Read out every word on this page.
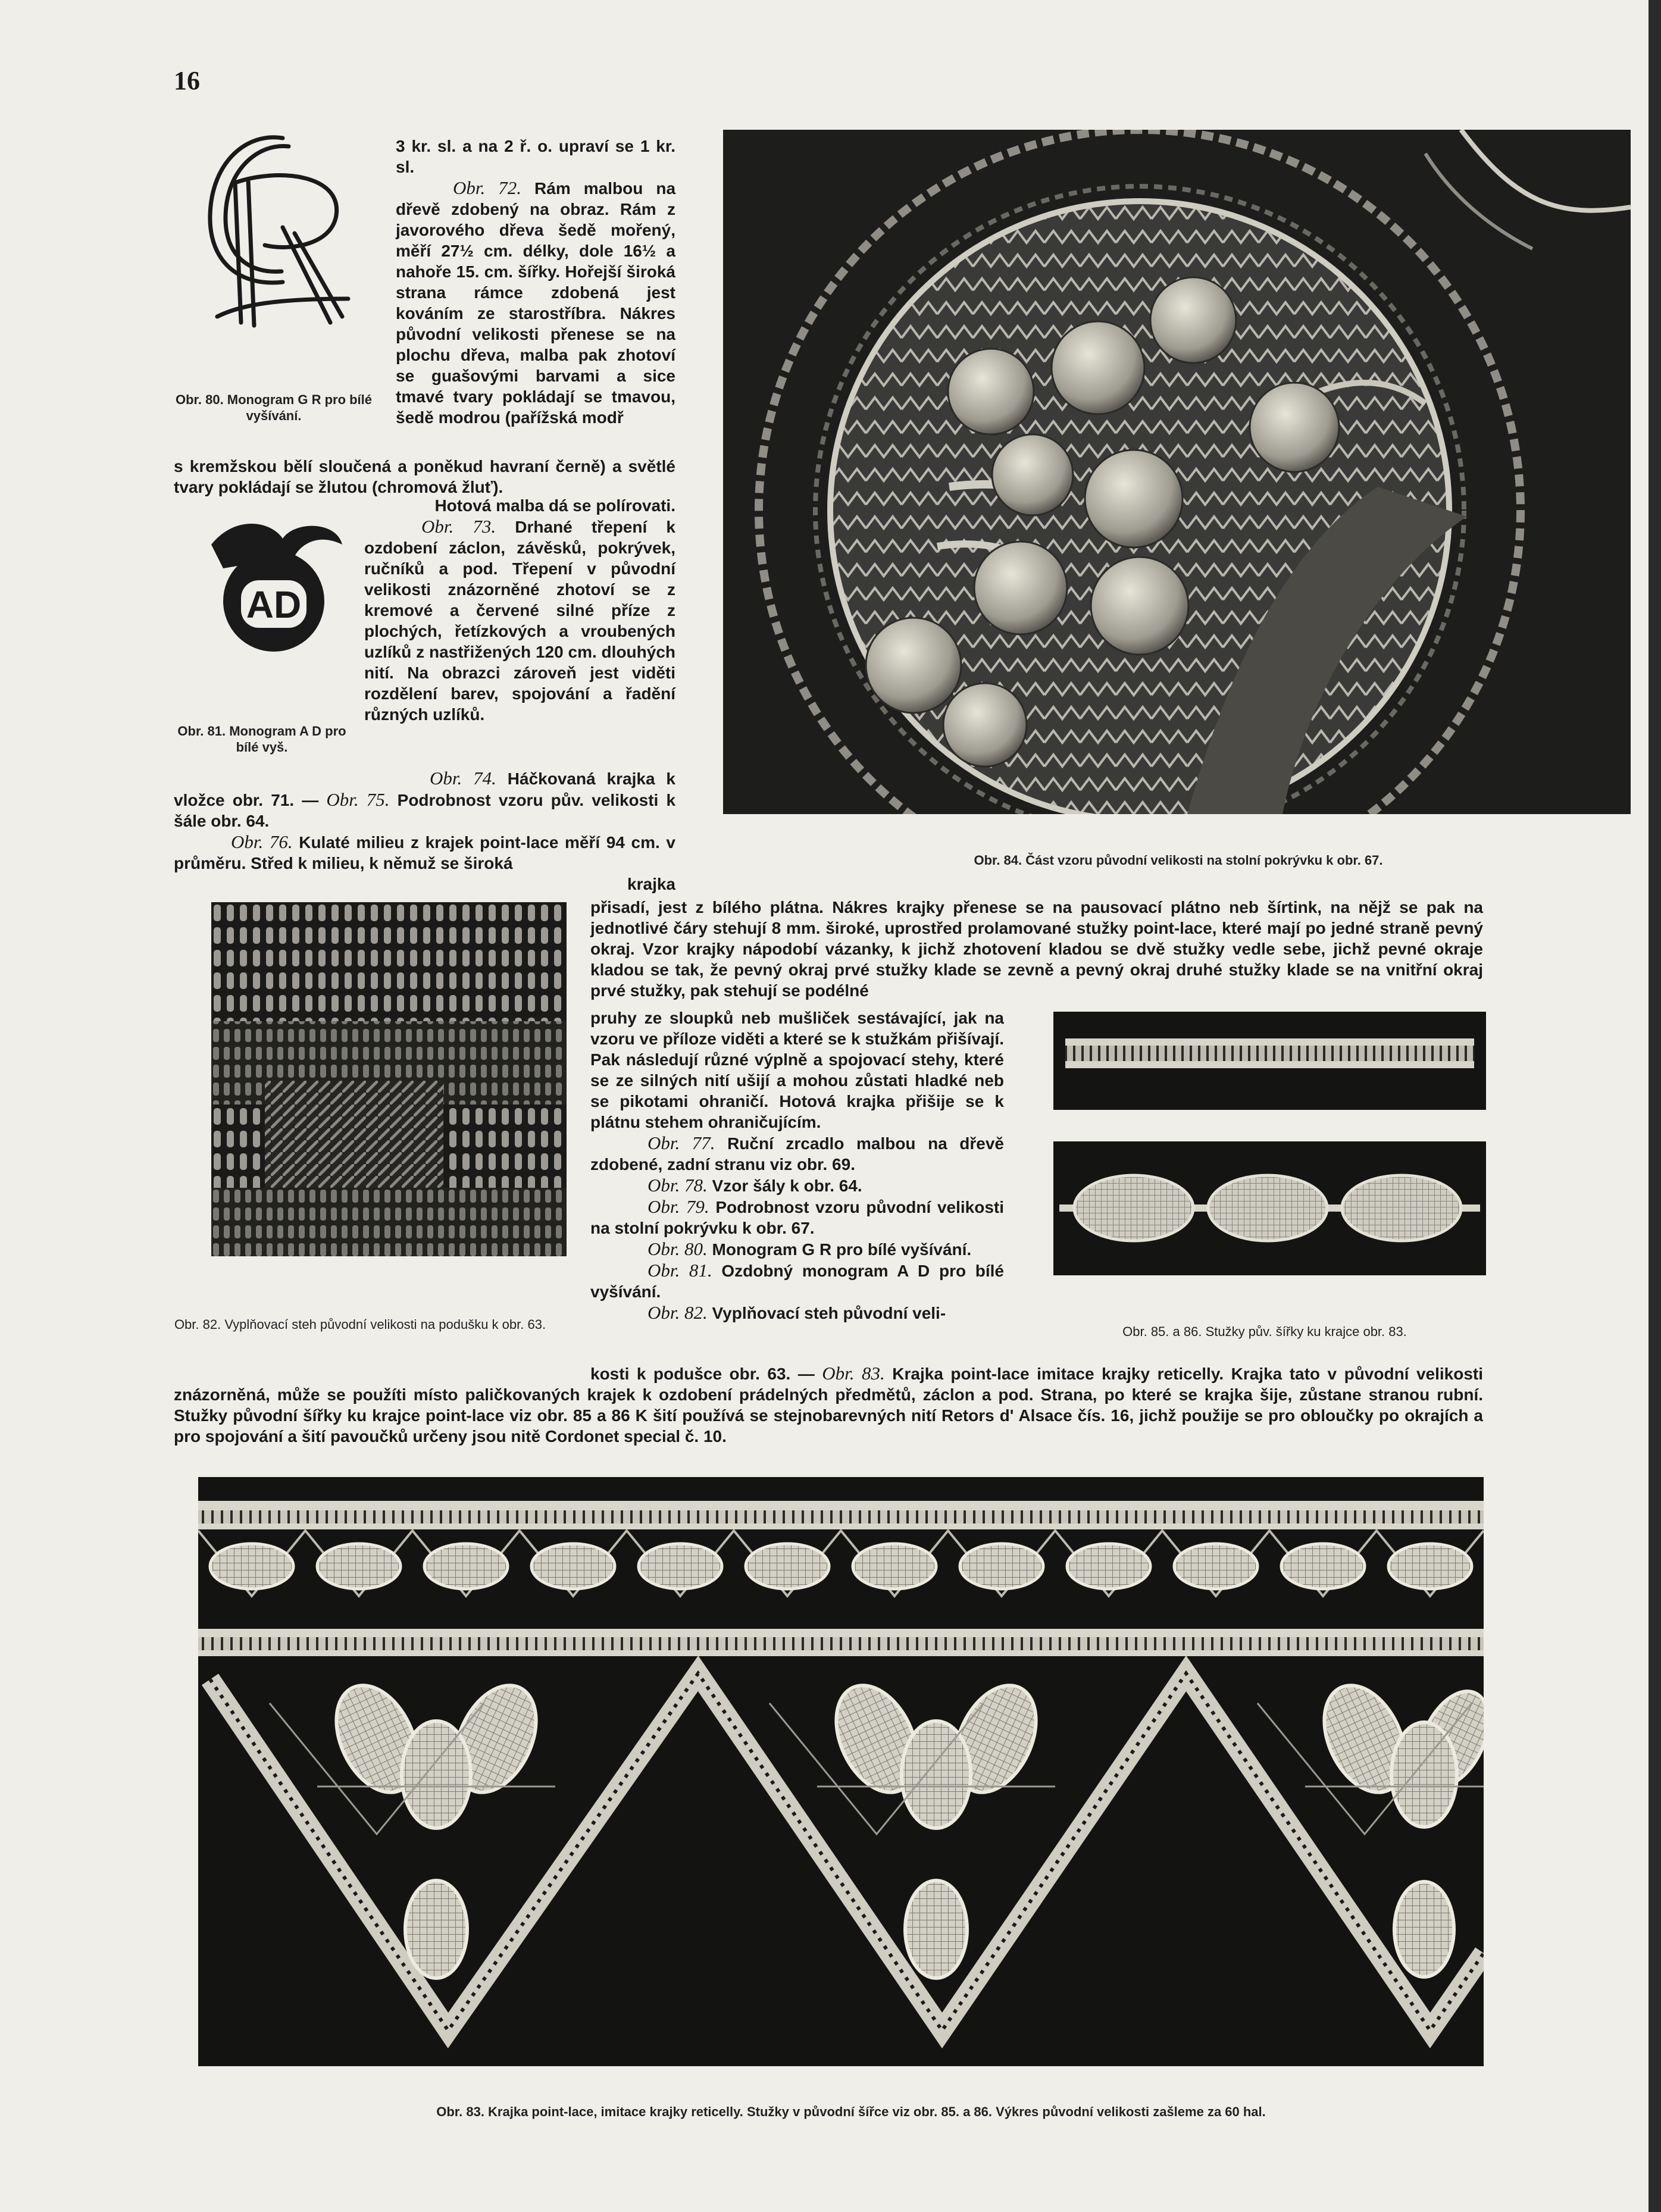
16
Obr. 80. Monogram G R pro bílé vyšívání.

3 kr. sl. a na 2 ř. o. upraví se 1 kr. sl.

Obr. 72. Rám malbou na dřevě zdobený na obraz. Rám z javorového dřeva šedě mořený, měří 27½ cm. délky, dole 16½ a nahoře 15. cm. šířky. Hořejší široká strana rámce zdobená jest kováním ze starostříbra. Nákres původní velikosti přenese se na plochu dřeva, malba pak zhotoví se guašovými barvami a sice tmavé tvary pokládají se tmavou, šedě modrou (pařížská modř

s kremžskou bělí sloučená a poněkud havraní černě) a světlé tvary pokládají se žlutou (chromová žluť).
AD
Obr. 81. Monogram A D pro bílé vyš.

Hotová malba dá se polírovati.

Obr. 73. Drhané třepení k ozdobení záclon, závěsků, pokrývek, ručníků a pod. Třepení v původní velikosti znázorněné zhotoví se z kremové a červené silné příze z plochých, řetízkových a vroubených uzlíků z nastřižených 120 cm. dlouhých nití. Na obrazci zároveň jest viděti rozdělení barev, spojování a řadění různých uzlíků.

Obr. 74. Háčkovaná krajka k vložce obr. 71. — Obr. 75. Podrobnost vzoru pův. velikosti k šále obr. 64.

Obr. 76. Kulaté milieu z krajek point-lace měří 94 cm. v průměru. Střed k milieu, k němuž se široká

krajka

Obr. 84. Část vzoru původní velikosti na stolní pokrývku k obr. 67.
Obr. 82. Vyplňovací steh původní velikosti na podušku k obr. 63.
přisadí, jest z bílého plátna. Nákres krajky přenese se na pausovací plátno neb šírtink, na nějž se pak na jednotlivé čáry stehují 8 mm. široké, uprostřed prolamované stužky point-lace, které mají po jedné straně pevný okraj. Vzor krajky nápodobí vázanky, k jichž zhotovení kladou se dvě stužky vedle sebe, jichž pevné okraje kladou se tak, že pevný okraj prvé stužky klade se zevně a pevný okraj druhé stužky klade se na vnitřní okraj prvé stužky, pak stehují se podélné

pruhy ze sloupků neb mušliček sestávající, jak na vzoru ve příloze viděti a které se k stužkám přišívají. Pak následují různé výplně a spojovací stehy, které se ze silných nití ušijí a mohou zůstati hladké neb se pikotami ohraničí. Hotová krajka přišije se k plátnu stehem ohraničujícím.

Obr. 77. Ruční zrcadlo malbou na dřevě zdobené, zadní stranu viz obr. 69.

Obr. 78. Vzor šály k obr. 64.

Obr. 79. Podrobnost vzoru původní velikosti na stolní pokrývku k obr. 67.

Obr. 80. Monogram G R pro bílé vyšívání.

Obr. 81. Ozdobný monogram A D pro bílé vyšívání.

Obr. 82. Vyplňovací steh původní veli-

Obr. 85. a 86. Stužky pův. šířky ku krajce obr. 83.

kosti k podušce obr. 63. — Obr. 83. Krajka point-lace imitace krajky reticelly. Krajka tato v původní velikosti znázorněná, může se použíti místo paličkovaných krajek k ozdobení prádelných předmětů, záclon a pod. Strana, po které se krajka šije, zůstane stranou rubní. Stužky původní šířky ku krajce point-lace viz obr. 85 a 86 K šití používá se stejnobarevných nití Retors d' Alsace čís. 16, jichž použije se pro obloučky po okrajích a pro spojování a šití pavoučků určeny jsou nitě Cordonet special č. 10.

Obr. 83. Krajka point-lace, imitace krajky reticelly. Stužky v původní šířce viz obr. 85. a 86. Výkres původní velikosti zašleme za 60 hal.
